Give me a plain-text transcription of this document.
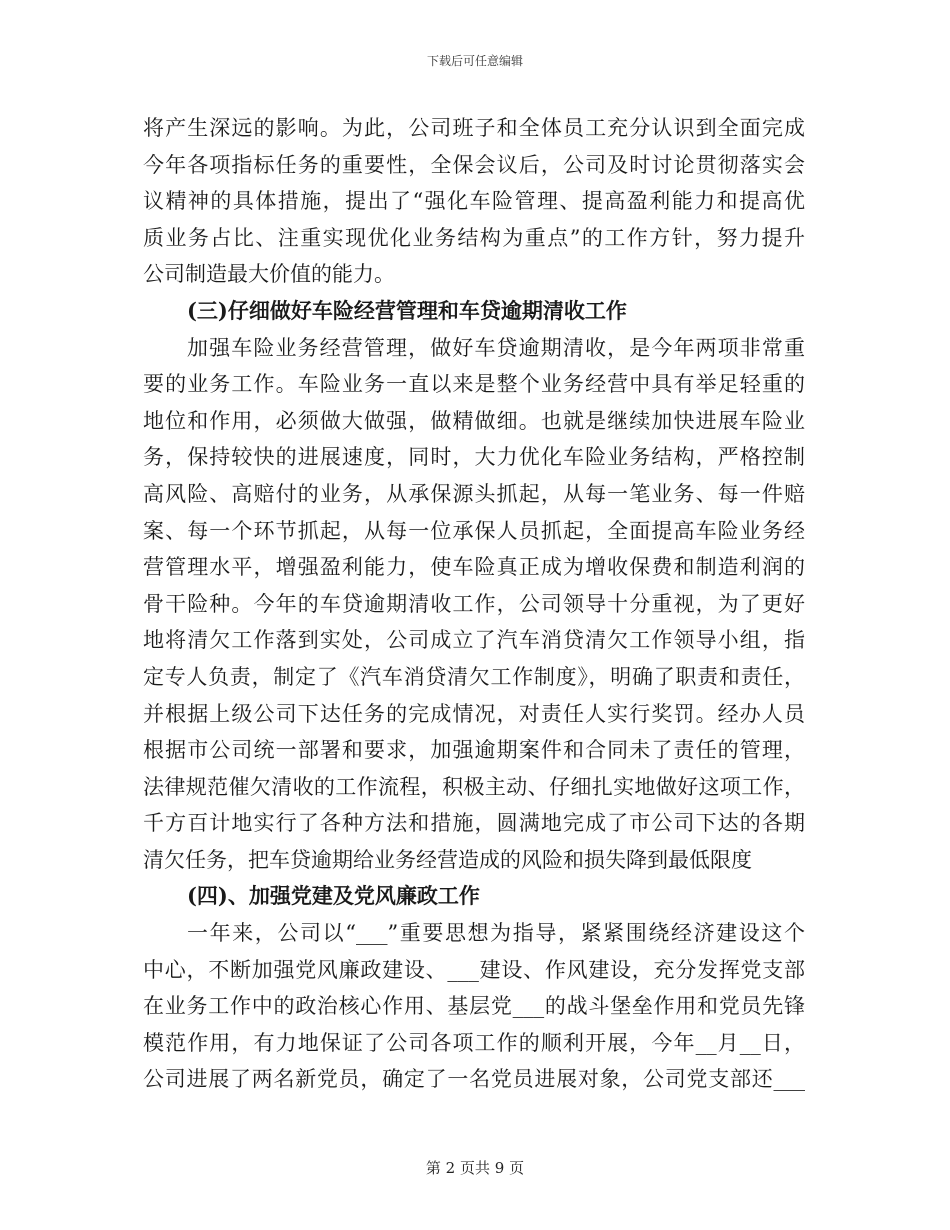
下载后可任意编辑
将产生深远的影响。为此，公司班子和全体员工充分认识到全面完成
今年各项指标任务的重要性，全保会议后，公司及时讨论贯彻落实会
议精神的具体措施，提出了“强化车险管理、提高盈利能力和提高优
质业务占比、注重实现优化业务结构为重点”的工作方针，努力提升
公司制造最大价值的能力。
(三)仔细做好车险经营管理和车贷逾期清收工作
加强车险业务经营管理，做好车贷逾期清收，是今年两项非常重
要的业务工作。车险业务一直以来是整个业务经营中具有举足轻重的
地位和作用，必须做大做强，做精做细。也就是继续加快进展车险业
务，保持较快的进展速度，同时，大力优化车险业务结构，严格控制
高风险、高赔付的业务，从承保源头抓起，从每一笔业务、每一件赔
案、每一个环节抓起，从每一位承保人员抓起，全面提高车险业务经
营管理水平，增强盈利能力，使车险真正成为增收保费和制造利润的
骨干险种。今年的车贷逾期清收工作，公司领导十分重视，为了更好
地将清欠工作落到实处，公司成立了汽车消贷清欠工作领导小组，指
定专人负责，制定了《汽车消贷清欠工作制度》，明确了职责和责任，
并根据上级公司下达任务的完成情况，对责任人实行奖罚。经办人员
根据市公司统一部署和要求，加强逾期案件和合同未了责任的管理，
法律规范催欠清收的工作流程，积极主动、仔细扎实地做好这项工作，
千方百计地实行了各种方法和措施，圆满地完成了市公司下达的各期
清欠任务，把车贷逾期给业务经营造成的风险和损失降到最低限度
(四)、加强党建及党风廉政工作
一年来，公司以“___”重要思想为指导，紧紧围绕经济建设这个
中心，不断加强党风廉政建设、___建设、作风建设，充分发挥党支部
在业务工作中的政治核心作用、基层党___的战斗堡垒作用和党员先锋
模范作用，有力地保证了公司各项工作的顺利开展，今年__月__日，
公司进展了两名新党员，确定了一名党员进展对象，公司党支部还___
第 2 页共 9 页
